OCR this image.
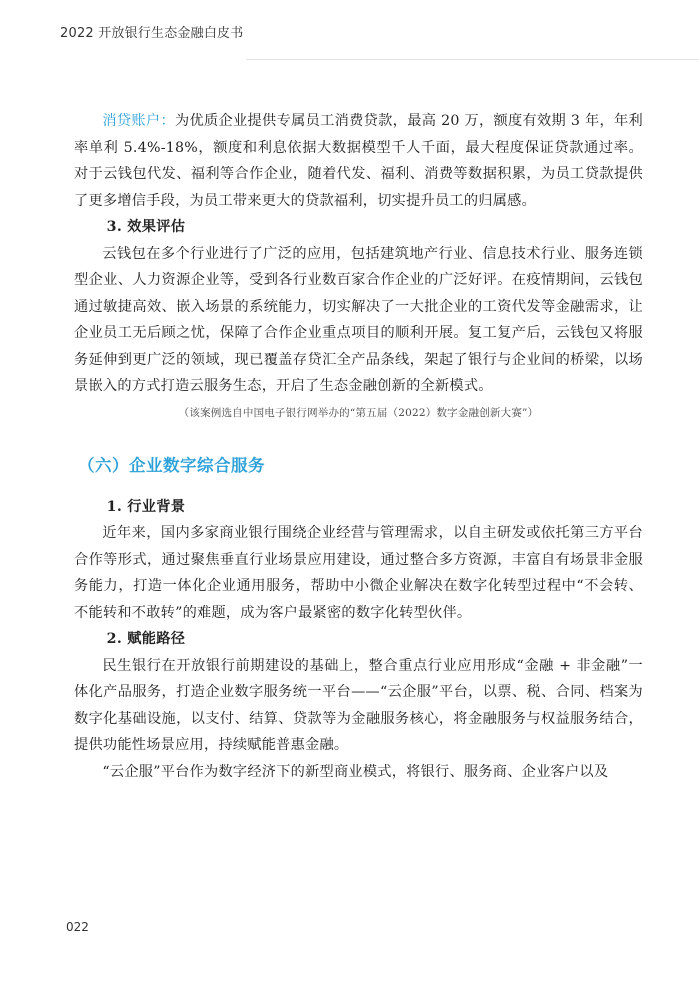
2022 开放银行生态金融白皮书

消贷账户：为优质企业提供专属员工消费贷款，最高 20 万，额度有效期 3 年，年利率单利 5.4%-18%，额度和利息依据大数据模型千人千面，最大程度保证贷款通过率。对于云钱包代发、福利等合作企业，随着代发、福利、消费等数据积累，为员工贷款提供了更多增信手段，为员工带来更大的贷款福利，切实提升员工的归属感。

3. 效果评估

云钱包在多个行业进行了广泛的应用，包括建筑地产行业、信息技术行业、服务连锁型企业、人力资源企业等，受到各行业数百家合作企业的广泛好评。在疫情期间，云钱包通过敏捷高效、嵌入场景的系统能力，切实解决了一大批企业的工资代发等金融需求，让企业员工无后顾之忧，保障了合作企业重点项目的顺利开展。复工复产后，云钱包又将服务延伸到更广泛的领域，现已覆盖存贷汇全产品条线，架起了银行与企业间的桥梁，以场景嵌入的方式打造云服务生态，开启了生态金融创新的全新模式。

（该案例选自中国电子银行网举办的“第五届（2022）数字金融创新大赛”）

（六）企业数字综合服务

1. 行业背景

近年来，国内多家商业银行围绕企业经营与管理需求，以自主研发或依托第三方平台合作等形式，通过聚焦垂直行业场景应用建设，通过整合多方资源，丰富自有场景非金服务能力，打造一体化企业通用服务，帮助中小微企业解决在数字化转型过程中“不会转、不能转和不敢转”的难题，成为客户最紧密的数字化转型伙伴。

2. 赋能路径

民生银行在开放银行前期建设的基础上，整合重点行业应用形成“金融 + 非金融”一体化产品服务，打造企业数字服务统一平台——“云企服”平台，以票、税、合同、档案为数字化基础设施，以支付、结算、贷款等为金融服务核心，将金融服务与权益服务结合，提供功能性场景应用，持续赋能普惠金融。

“云企服”平台作为数字经济下的新型商业模式，将银行、服务商、企业客户以及

022
